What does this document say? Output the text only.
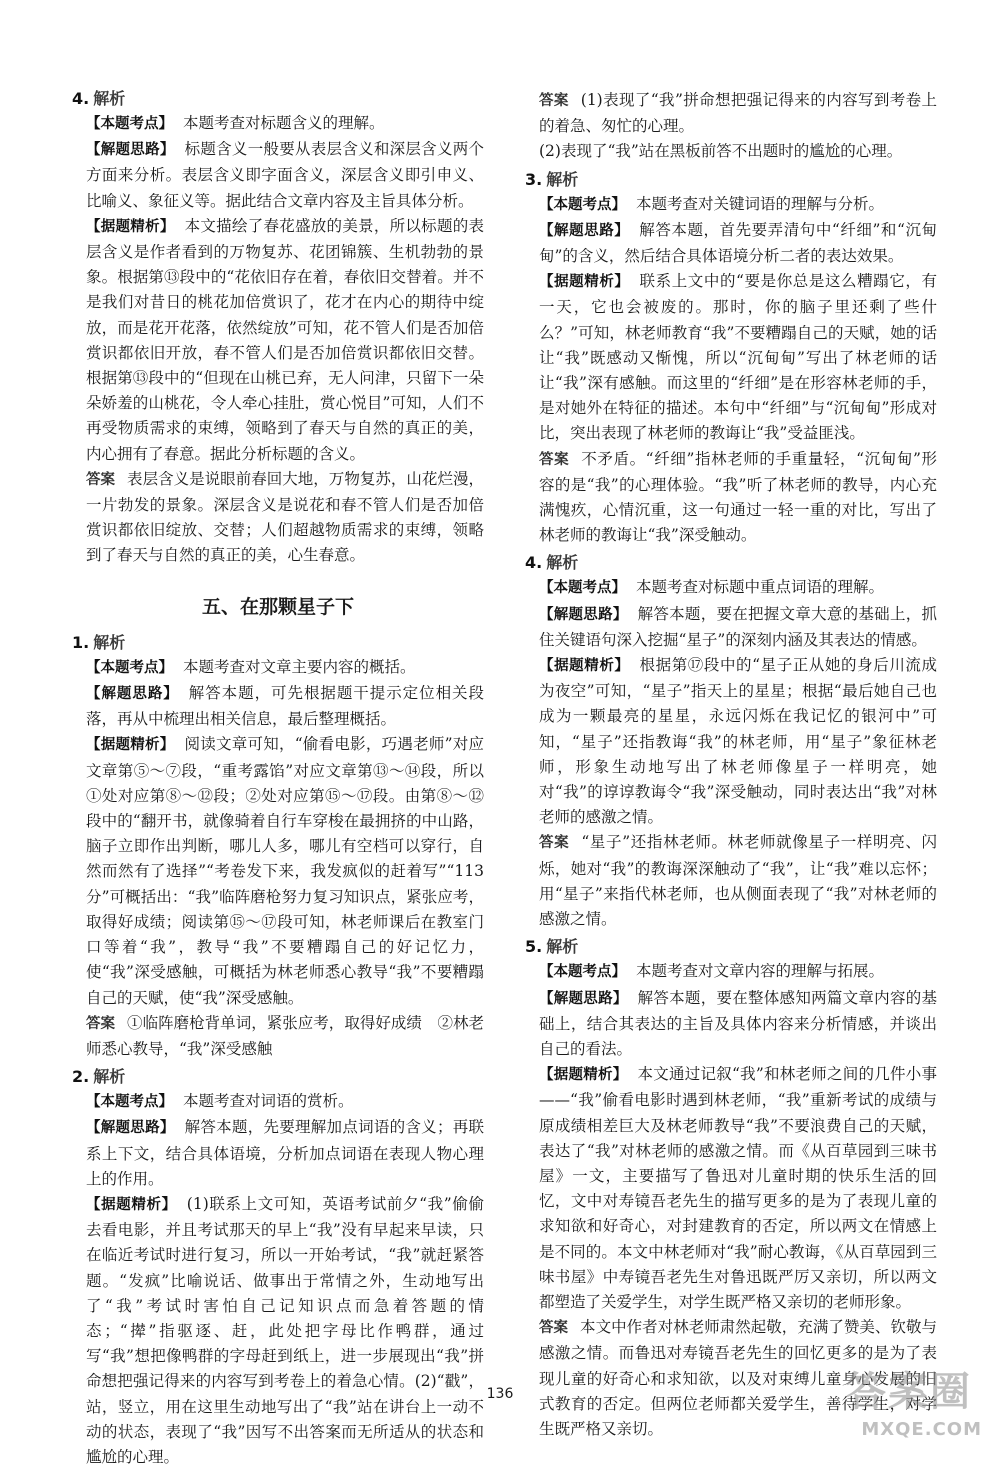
4. 解析

【本题考点】 本题考查对标题含义的理解。

【解题思路】 标题含义一般要从表层含义和深层含义两个方面来分析。表层含义即字面含义，深层含义即引申义、比喻义、象征义等。据此结合文章内容及主旨具体分析。

【据题精析】 本文描绘了春花盛放的美景，所以标题的表层含义是作者看到的万物复苏、花团锦簇、生机勃勃的景象。根据第⑬段中的“花依旧存在着，春依旧交替着。并不是我们对昔日的桃花加倍赏识了，花才在内心的期待中绽放，而是花开花落，依然绽放”可知，花不管人们是否加倍赏识都依旧开放，春不管人们是否加倍赏识都依旧交替。根据第⑬段中的“但现在山桃已弃，无人问津，只留下一朵朵娇羞的山桃花，令人牵心挂肚，赏心悦目”可知，人们不再受物质需求的束缚，领略到了春天与自然的真正的美，内心拥有了春意。据此分析标题的含义。

答案 表层含义是说眼前春回大地，万物复苏，山花烂漫，一片勃发的景象。深层含义是说花和春不管人们是否加倍赏识都依旧绽放、交替；人们超越物质需求的束缚，领略到了春天与自然的真正的美，心生春意。

五、在那颗星子下
1. 解析

【本题考点】 本题考查对文章主要内容的概括。

【解题思路】 解答本题，可先根据题干提示定位相关段落，再从中梳理出相关信息，最后整理概括。

【据题精析】 阅读文章可知，“偷看电影，巧遇老师”对应文章第⑤～⑦段，“重考露馅”对应文章第⑬～⑭段，所以①处对应第⑧～⑫段；②处对应第⑮～⑰段。由第⑧～⑫段中的“翻开书，就像骑着自行车穿梭在最拥挤的中山路，脑子立即作出判断，哪儿人多，哪儿有空档可以穿行，自然而然有了选择”“考卷发下来，我发疯似的赶着写”“113 分”可概括出：“我”临阵磨枪努力复习知识点，紧张应考，取得好成绩；阅读第⑮～⑰段可知，林老师课后在教室门口等着“我”，教导“我”不要糟蹋自己的好记忆力，使“我”深受感触，可概括为林老师悉心教导“我”不要糟蹋自己的天赋，使“我”深受感触。

答案 ①临阵磨枪背单词，紧张应考，取得好成绩　②林老师悉心教导，“我”深受感触

2. 解析

【本题考点】 本题考查对词语的赏析。

【解题思路】 解答本题，先要理解加点词语的含义；再联系上下文，结合具体语境，分析加点词语在表现人物心理上的作用。

【据题精析】 (1)联系上文可知，英语考试前夕“我”偷偷去看电影，并且考试那天的早上“我”没有早起来早读，只在临近考试时进行复习，所以一开始考试，“我”就赶紧答题。“发疯”比喻说话、做事出于常情之外，生动地写出了“我”考试时害怕自己记知识点而急着答题的情态；“撵”指驱逐、赶，此处把字母比作鸭群，通过写“我”想把像鸭群的字母赶到纸上，进一步展现出“我”拼命想把强记得来的内容写到考卷上的着急心情。(2)“戳”，站，竖立，用在这里生动地写出了“我”站在讲台上一动不动的状态，表现了“我”因写不出答案而无所适从的状态和尴尬的心理。

答案 (1)表现了“我”拼命想把强记得来的内容写到考卷上的着急、匆忙的心理。

(2)表现了“我”站在黑板前答不出题时的尴尬的心理。

3. 解析

【本题考点】 本题考查对关键词语的理解与分析。

【解题思路】 解答本题，首先要弄清句中“纤细”和“沉甸甸”的含义，然后结合具体语境分析二者的表达效果。

【据题精析】 联系上文中的“要是你总是这么糟蹋它，有一天，它也会被废的。那时，你的脑子里还剩了些什么？”可知，林老师教育“我”不要糟蹋自己的天赋，她的话让“我”既感动又惭愧，所以“沉甸甸”写出了林老师的话让“我”深有感触。而这里的“纤细”是在形容林老师的手，是对她外在特征的描述。本句中“纤细”与“沉甸甸”形成对比，突出表现了林老师的教诲让“我”受益匪浅。

答案 不矛盾。“纤细”指林老师的手重量轻，“沉甸甸”形容的是“我”的心理体验。“我”听了林老师的教导，内心充满愧疚，心情沉重，这一句通过一轻一重的对比，写出了林老师的教诲让“我”深受触动。

4. 解析

【本题考点】 本题考查对标题中重点词语的理解。

【解题思路】 解答本题，要在把握文章大意的基础上，抓住关键语句深入挖掘“星子”的深刻内涵及其表达的情感。

【据题精析】 根据第⑰段中的“星子正从她的身后川流成为夜空”可知，“星子”指天上的星星；根据“最后她自己也成为一颗最亮的星星，永远闪烁在我记忆的银河中”可知，“星子”还指教诲“我”的林老师，用“星子”象征林老师，形象生动地写出了林老师像星子一样明亮，她对“我”的谆谆教诲令“我”深受触动，同时表达出“我”对林老师的感激之情。

答案 “星子”还指林老师。林老师就像星子一样明亮、闪烁，她对“我”的教诲深深触动了“我”，让“我”难以忘怀；用“星子”来指代林老师，也从侧面表现了“我”对林老师的感激之情。

5. 解析

【本题考点】 本题考查对文章内容的理解与拓展。

【解题思路】 解答本题，要在整体感知两篇文章内容的基础上，结合其表达的主旨及具体内容来分析情感，并谈出自己的看法。

【据题精析】 本文通过记叙“我”和林老师之间的几件小事——“我”偷看电影时遇到林老师，“我”重新考试的成绩与原成绩相差巨大及林老师教导“我”不要浪费自己的天赋，表达了“我”对林老师的感激之情。而《从百草园到三味书屋》一文，主要描写了鲁迅对儿童时期的快乐生活的回忆，文中对寿镜吾老先生的描写更多的是为了表现儿童的求知欲和好奇心，对封建教育的否定，所以两文在情感上是不同的。本文中林老师对“我”耐心教诲，《从百草园到三味书屋》中寿镜吾老先生对鲁迅既严厉又亲切，所以两文都塑造了关爱学生，对学生既严格又亲切的老师形象。

答案 本文中作者对林老师肃然起敬，充满了赞美、钦敬与感激之情。而鲁迅对寿镜吾老先生的回忆更多的是为了表现儿童的好奇心和求知欲，以及对束缚儿童身心发展的旧式教育的否定。但两位老师都关爱学生，善待学生，对学生既严格又亲切。

136	答案圈
MXQE.COM
